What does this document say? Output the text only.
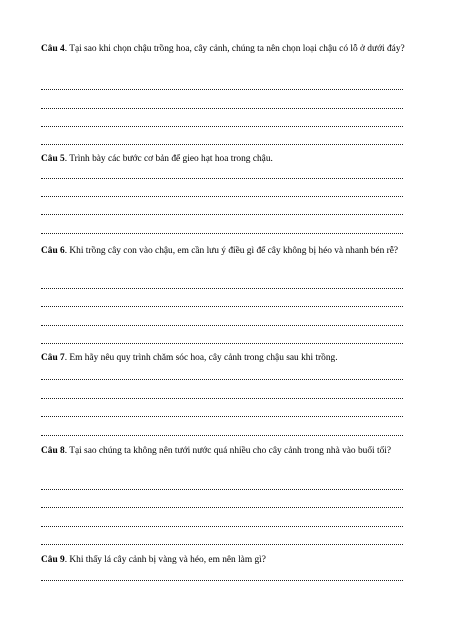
Câu 4. Tại sao khi chọn chậu trồng hoa, cây cảnh, chúng ta nên chọn loại chậu có lỗ ở dưới đáy?

Câu 5. Trình bày các bước cơ bản để gieo hạt hoa trong chậu.

Câu 6. Khi trồng cây con vào chậu, em cần lưu ý điều gì để cây không bị héo và nhanh bén rễ?

Câu 7. Em hãy nêu quy trình chăm sóc hoa, cây cảnh trong chậu sau khi trồng.

Câu 8. Tại sao chúng ta không nên tưới nước quá nhiều cho cây cảnh trong nhà vào buổi tối?

Câu 9. Khi thấy lá cây cảnh bị vàng và héo, em nên làm gì?
